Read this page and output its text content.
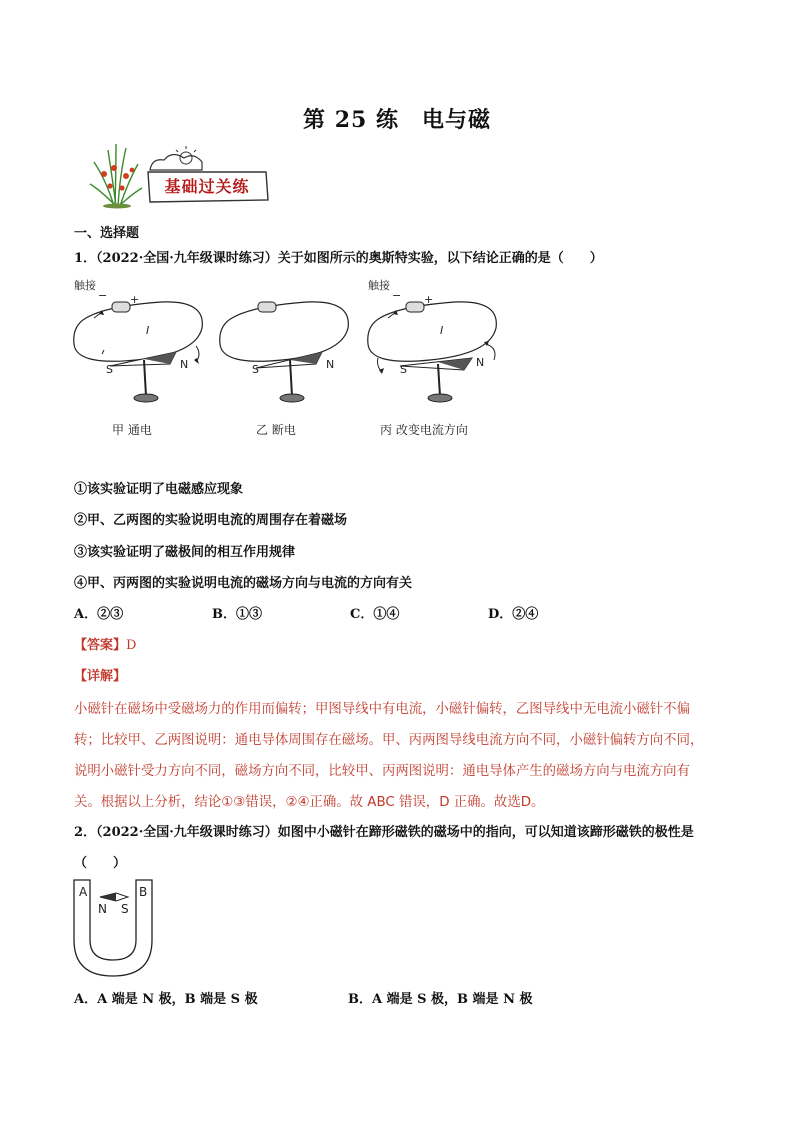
第 25 练　电与磁
基础过关练
一、选择题
1．（2022·全国·九年级课时练习）关于如图所示的奥斯特实验，以下结论正确的是（　　）
触接
− +
I
S	N
甲 通电
S	N
乙 断电
触接
− +
I
S
N
丙 改变电流方向
①该实验证明了电磁感应现象
②甲、乙两图的实验说明电流的周围存在着磁场
③该实验证明了磁极间的相互作用规律
④甲、丙两图的实验说明电流的磁场方向与电流的方向有关
A．②③	B．①③	C．①④	D．②④
【答案】D
【详解】

小磁针在磁场中受磁场力的作用而偏转；甲图导线中有电流，小磁针偏转，乙图导线中无电流小磁针不偏

转；比较甲、乙两图说明：通电导体周围存在磁场。甲、丙两图导线电流方向不同，小磁针偏转方向不同，

说明小磁针受力方向不同，磁场方向不同，比较甲、丙两图说明：通电导体产生的磁场方向与电流方向有

关。根据以上分析，结论①③错误，②④正确。故 ABC 错误，D 正确。故选D。

2．（2022·全国·九年级课时练习）如图中小磁针在蹄形磁铁的磁场中的指向，可以知道该蹄形磁铁的极性是
（　　）
A	B
N S
A．A 端是 N 极，B 端是 S 极	B．A 端是 S 极，B 端是 N 极
